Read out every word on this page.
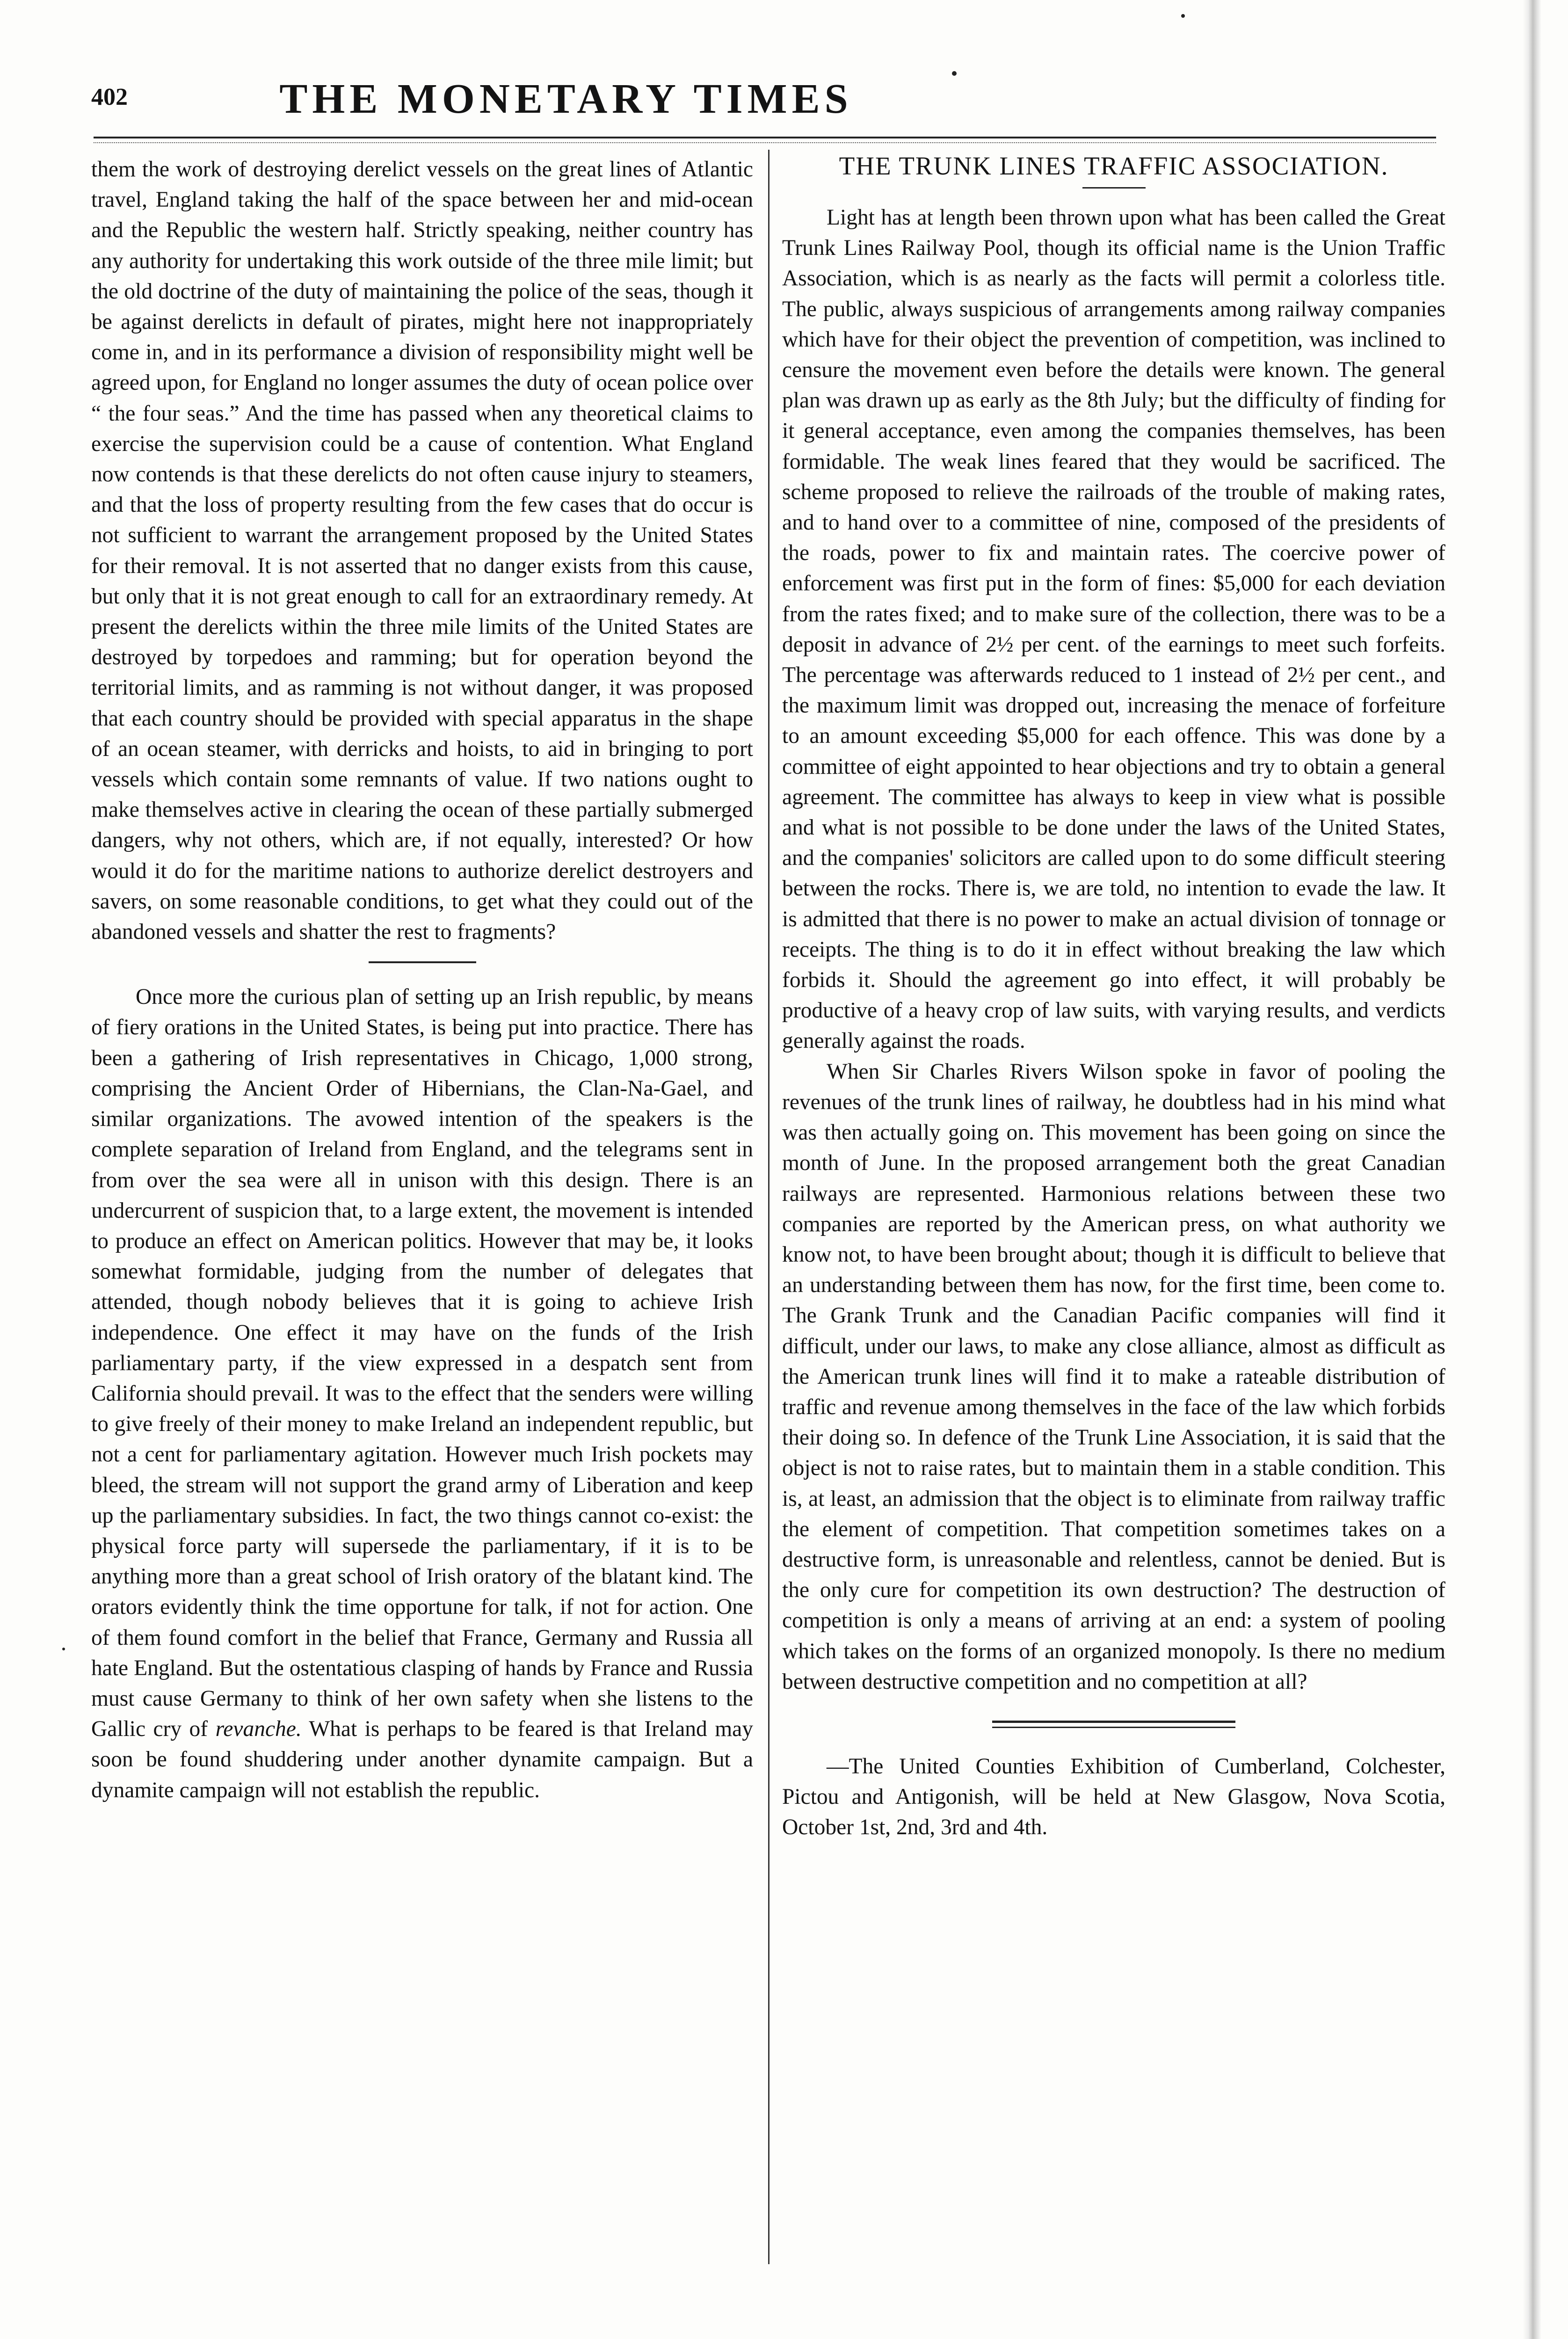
402	THE MONETARY TIMES

them the work of destroying derelict vessels on the great lines of Atlantic travel, England taking the half of the space between her and mid-ocean and the Republic the western half. Strictly speaking, neither country has any authority for undertaking this work outside of the three mile limit; but the old doctrine of the duty of maintaining the police of the seas, though it be against derelicts in default of pirates, might here not inappropriately come in, and in its performance a division of responsibility might well be agreed upon, for England no longer assumes the duty of ocean police over “ the four seas.” And the time has passed when any theoretical claims to exercise the supervision could be a cause of contention. What England now contends is that these derelicts do not often cause injury to steamers, and that the loss of property resulting from the few cases that do occur is not sufficient to warrant the arrangement proposed by the United States for their removal. It is not asserted that no danger exists from this cause, but only that it is not great enough to call for an extraordinary remedy. At present the derelicts within the three mile limits of the United States are destroyed by torpedoes and ramming; but for operation beyond the territorial limits, and as ramming is not without danger, it was proposed that each country should be provided with special apparatus in the shape of an ocean steamer, with derricks and hoists, to aid in bringing to port vessels which contain some remnants of value. If two nations ought to make themselves active in clearing the ocean of these partially submerged dangers, why not others, which are, if not equally, interested? Or how would it do for the maritime nations to authorize derelict destroyers and savers, on some reasonable conditions, to get what they could out of the abandoned vessels and shatter the rest to fragments?

Once more the curious plan of setting up an Irish republic, by means of fiery orations in the United States, is being put into practice. There has been a gathering of Irish representatives in Chicago, 1,000 strong, comprising the Ancient Order of Hibernians, the Clan-Na-Gael, and similar organizations. The avowed intention of the speakers is the complete separation of Ireland from England, and the telegrams sent in from over the sea were all in unison with this design. There is an undercurrent of suspicion that, to a large extent, the movement is intended to produce an effect on American politics. However that may be, it looks somewhat formidable, judging from the number of delegates that attended, though nobody believes that it is going to achieve Irish independence. One effect it may have on the funds of the Irish parliamentary party, if the view expressed in a despatch sent from California should prevail. It was to the effect that the senders were willing to give freely of their money to make Ireland an independent republic, but not a cent for parliamentary agitation. However much Irish pockets may bleed, the stream will not support the grand army of Liberation and keep up the parliamentary subsidies. In fact, the two things cannot co-exist: the physical force party will supersede the parliamentary, if it is to be anything more than a great school of Irish oratory of the blatant kind. The orators evidently think the time opportune for talk, if not for action. One of them found comfort in the belief that France, Germany and Russia all hate England. But the ostentatious clasping of hands by France and Russia must cause Germany to think of her own safety when she listens to the Gallic cry of revanche. What is perhaps to be feared is that Ireland may soon be found shuddering under another dynamite campaign. But a dynamite campaign will not establish the republic.

THE TRUNK LINES TRAFFIC ASSOCIATION.

Light has at length been thrown upon what has been called the Great Trunk Lines Railway Pool, though its official name is the Union Traffic Association, which is as nearly as the facts will permit a colorless title. The public, always suspicious of arrangements among railway companies which have for their object the prevention of competition, was inclined to censure the movement even before the details were known. The general plan was drawn up as early as the 8th July; but the difficulty of finding for it general acceptance, even among the companies themselves, has been formidable. The weak lines feared that they would be sacrificed. The scheme proposed to relieve the railroads of the trouble of making rates, and to hand over to a committee of nine, composed of the presidents of the roads, power to fix and maintain rates. The coercive power of enforcement was first put in the form of fines: $5,000 for each deviation from the rates fixed; and to make sure of the collection, there was to be a deposit in advance of 2½ per cent. of the earnings to meet such forfeits. The percentage was afterwards reduced to 1 instead of 2½ per cent., and the maximum limit was dropped out, increasing the menace of forfeiture to an amount exceeding $5,000 for each offence. This was done by a committee of eight appointed to hear objections and try to obtain a general agreement. The committee has always to keep in view what is possible and what is not possible to be done under the laws of the United States, and the companies' solicitors are called upon to do some difficult steering between the rocks. There is, we are told, no intention to evade the law. It is admitted that there is no power to make an actual division of tonnage or receipts. The thing is to do it in effect without breaking the law which forbids it. Should the agreement go into effect, it will probably be productive of a heavy crop of law suits, with varying results, and verdicts generally against the roads.

When Sir Charles Rivers Wilson spoke in favor of pooling the revenues of the trunk lines of railway, he doubtless had in his mind what was then actually going on. This movement has been going on since the month of June. In the proposed arrangement both the great Canadian railways are represented. Harmonious relations between these two companies are reported by the American press, on what authority we know not, to have been brought about; though it is difficult to believe that an understanding between them has now, for the first time, been come to. The Grank Trunk and the Canadian Pacific companies will find it difficult, under our laws, to make any close alliance, almost as difficult as the American trunk lines will find it to make a rateable distribution of traffic and revenue among themselves in the face of the law which forbids their doing so. In defence of the Trunk Line Association, it is said that the object is not to raise rates, but to maintain them in a stable condition. This is, at least, an admission that the object is to eliminate from railway traffic the element of competition. That competition sometimes takes on a destructive form, is unreasonable and relentless, cannot be denied. But is the only cure for competition its own destruction? The destruction of competition is only a means of arriving at an end: a system of pooling which takes on the forms of an organized monopoly. Is there no medium between destructive competition and no competition at all?

—The United Counties Exhibition of Cumberland, Colchester, Pictou and Antigonish, will be held at New Glasgow, Nova Scotia, October 1st, 2nd, 3rd and 4th.
